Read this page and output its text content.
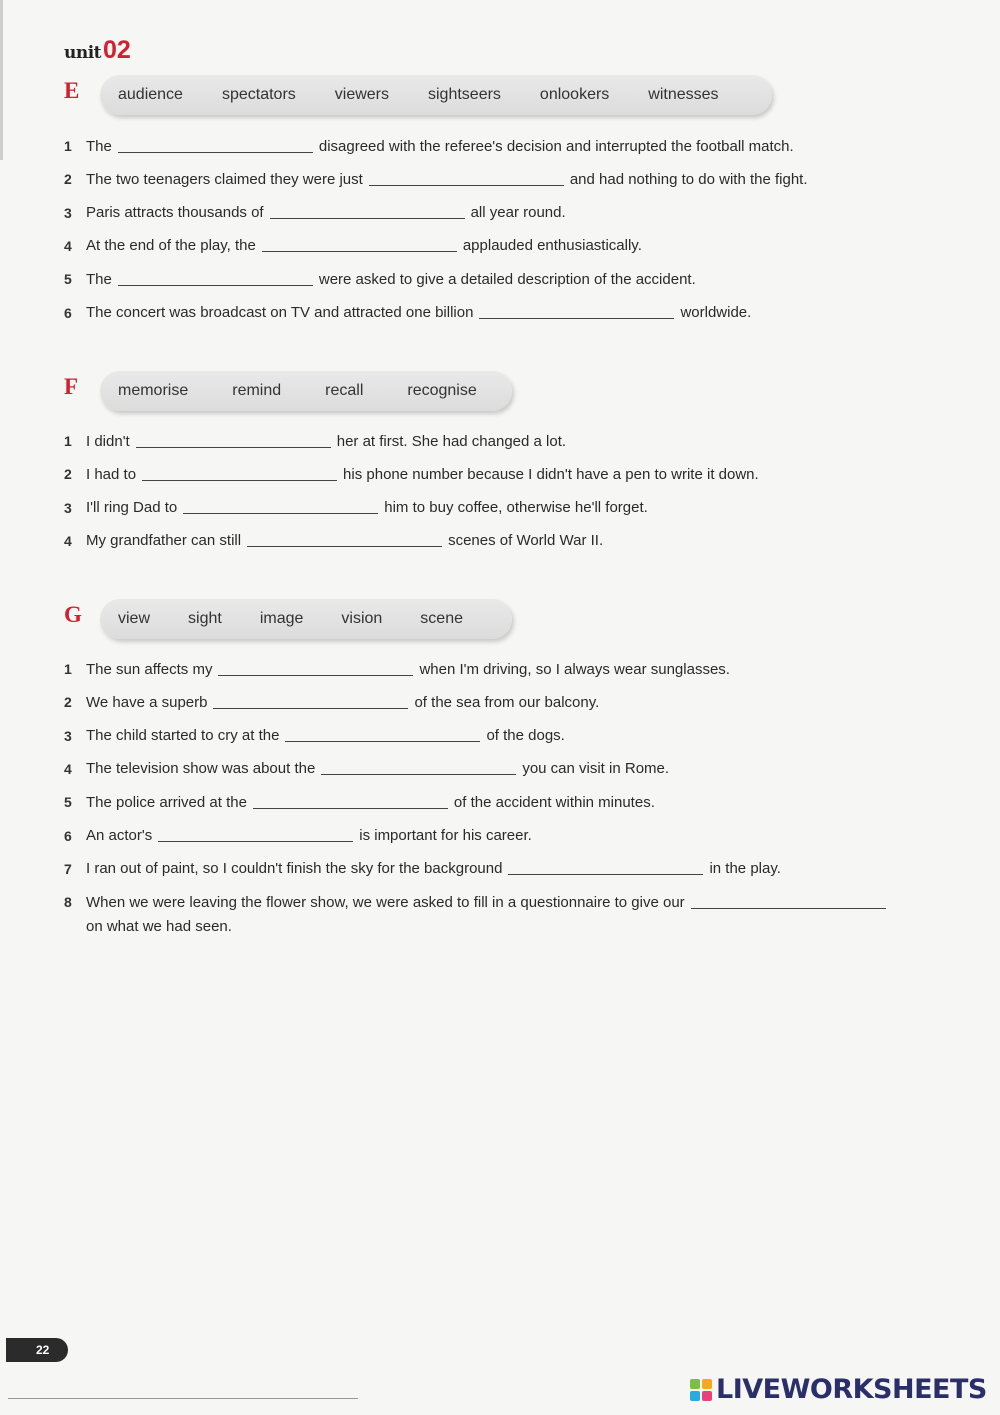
unit 02
E audience spectators viewers sightseers onlookers witnesses
1 The	disagreed with the referee's decision and interrupted the football match.
2 The two teenagers claimed they were just	and had nothing to do with the fight.
3 Paris attracts thousands of	all year round.
4 At the end of the play, the	applauded enthusiastically.
5 The	were asked to give a detailed description of the accident.
6 The concert was broadcast on TV and attracted one billion	worldwide.
F memorise	remind	recall	recognise
1 I didn't	her at first. She had changed a lot.
2 I had to	his phone number because I didn't have a pen to write it down.
3 I'll ring Dad to	him to buy coffee, otherwise he'll forget.
4 My grandfather can still	scenes of World War II.
G view sight image vision scene
1 The sun affects my	when I'm driving, so I always wear sunglasses.
2 We have a superb	of the sea from our balcony.
3 The child started to cry at the	of the dogs.
4 The television show was about the	you can visit in Rome.
5 The police arrived at the	of the accident within minutes.
6 An actor's	is important for his career.
7 I ran out of paint, so I couldn't finish the sky for the background	in the play.
8 When we were leaving the flower show, we were asked to fill in a questionnaire to give our
on what we had seen.
22
LIVEWORKSHEETS
